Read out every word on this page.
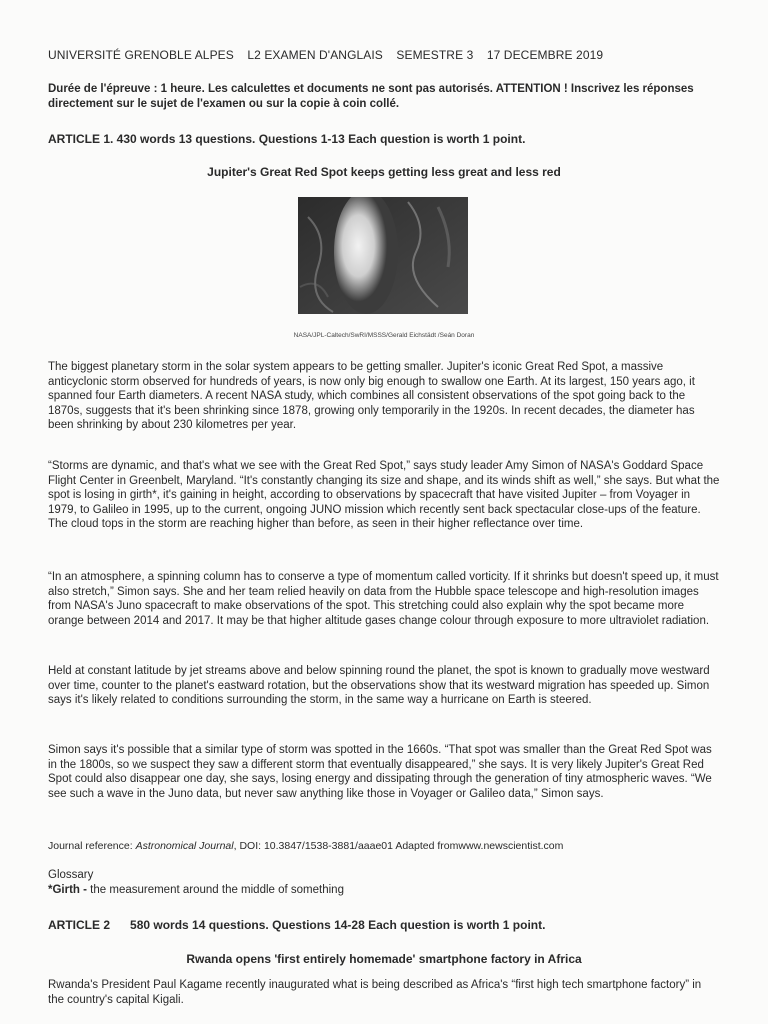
UNIVERSITÉ GRENOBLE ALPES L2 EXAMEN D'ANGLAIS SEMESTRE 3 17 DECEMBRE 2019
Durée de l'épreuve : 1 heure. Les calculettes et documents ne sont pas autorisés. ATTENTION ! Inscrivez les réponses directement sur le sujet de l'examen ou sur la copie à coin collé.
ARTICLE 1. 430 words 13 questions. Questions 1-13 Each question is worth 1 point.
Jupiter's Great Red Spot keeps getting less great and less red
NASA/JPL-Caltech/SwRI/MSSS/Gerald Eichstädt /Seán Doran
The biggest planetary storm in the solar system appears to be getting smaller. Jupiter's iconic Great Red Spot, a massive anticyclonic storm observed for hundreds of years, is now only big enough to swallow one Earth. At its largest, 150 years ago, it spanned four Earth diameters. A recent NASA study, which combines all consistent observations of the spot going back to the 1870s, suggests that it's been shrinking since 1878, growing only temporarily in the 1920s. In recent decades, the diameter has been shrinking by about 230 kilometres per year.
“Storms are dynamic, and that's what we see with the Great Red Spot,” says study leader Amy Simon of NASA's Goddard Space Flight Center in Greenbelt, Maryland. “It's constantly changing its size and shape, and its winds shift as well,” she says. But what the spot is losing in girth*, it's gaining in height, according to observations by spacecraft that have visited Jupiter – from Voyager in 1979, to Galileo in 1995, up to the current, ongoing JUNO mission which recently sent back spectacular close-ups of the feature. The cloud tops in the storm are reaching higher than before, as seen in their higher reflectance over time.
“In an atmosphere, a spinning column has to conserve a type of momentum called vorticity. If it shrinks but doesn't speed up, it must also stretch,” Simon says. She and her team relied heavily on data from the Hubble space telescope and high-resolution images from NASA's Juno spacecraft to make observations of the spot. This stretching could also explain why the spot became more orange between 2014 and 2017. It may be that higher altitude gases change colour through exposure to more ultraviolet radiation.
Held at constant latitude by jet streams above and below spinning round the planet, the spot is known to gradually move westward over time, counter to the planet's eastward rotation, but the observations show that its westward migration has speeded up. Simon says it's likely related to conditions surrounding the storm, in the same way a hurricane on Earth is steered.
Simon says it's possible that a similar type of storm was spotted in the 1660s. “That spot was smaller than the Great Red Spot was in the 1800s, so we suspect they saw a different storm that eventually disappeared,” she says. It is very likely Jupiter's Great Red Spot could also disappear one day, she says, losing energy and dissipating through the generation of tiny atmospheric waves. “We see such a wave in the Juno data, but never saw anything like those in Voyager or Galileo data,” Simon says.
Journal reference: Astronomical Journal, DOI: 10.3847/1538-3881/aaae01 Adapted fromwww.newscientist.com
Glossary
*Girth - the measurement around the middle of something
ARTICLE 2 580 words 14 questions. Questions 14-28 Each question is worth 1 point.
Rwanda opens 'first entirely homemade' smartphone factory in Africa
Rwanda's President Paul Kagame recently inaugurated what is being described as Africa's “first high tech smartphone factory” in the country's capital Kigali.
